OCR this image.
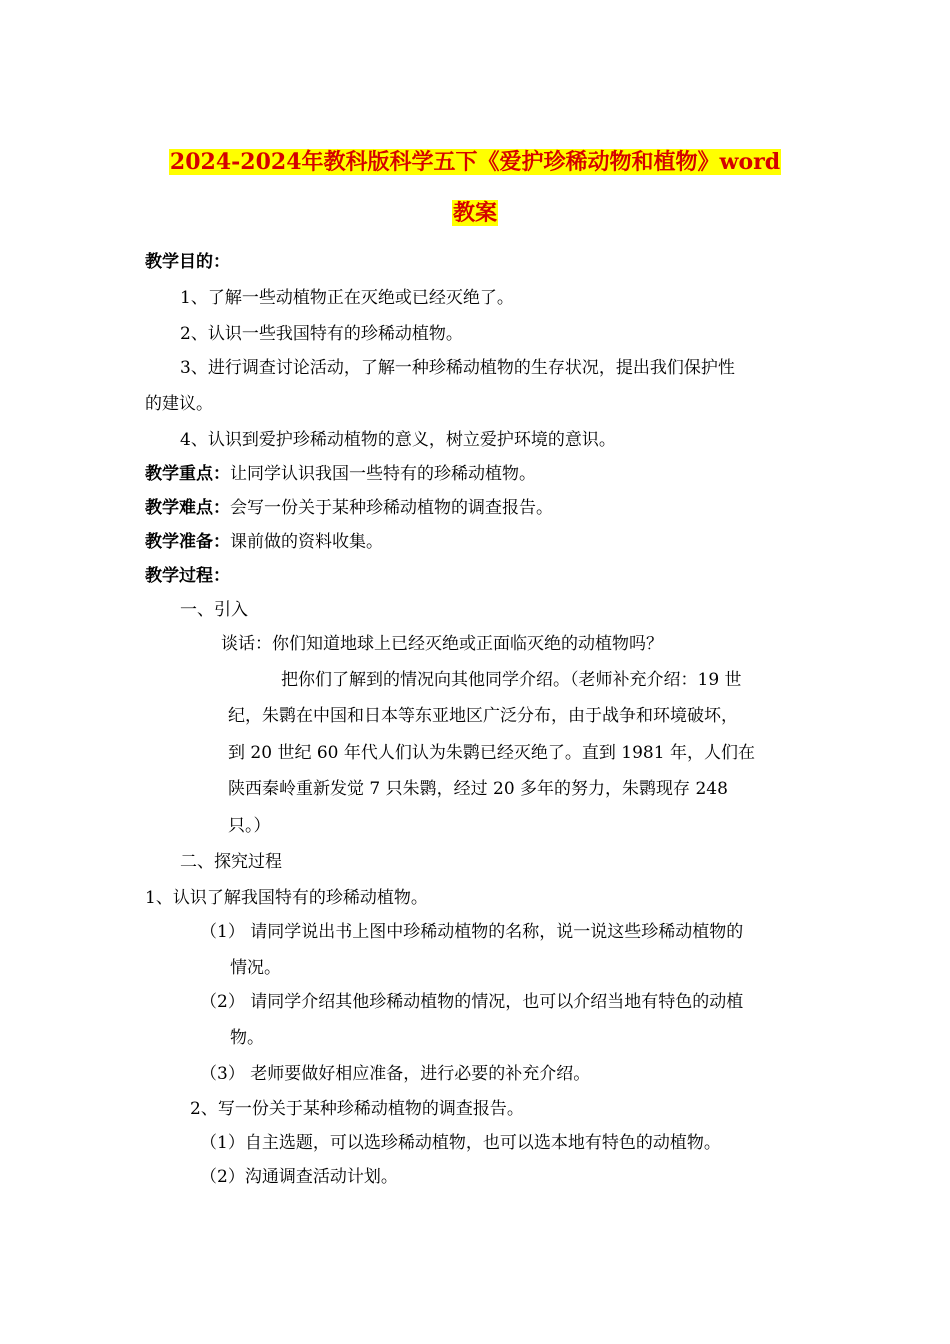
2024-2024年教科版科学五下《爱护珍稀动物和植物》word
教案
教学目的：
1、了解一些动植物正在灭绝或已经灭绝了。
2、认识一些我国特有的珍稀动植物。
3、进行调查讨论活动，了解一种珍稀动植物的生存状况，提出我们保护性
的建议。
4、认识到爱护珍稀动植物的意义，树立爱护环境的意识。
教学重点：让同学认识我国一些特有的珍稀动植物。
教学难点：会写一份关于某种珍稀动植物的调查报告。
教学准备：课前做的资料收集。
教学过程：
一、引入
谈话：你们知道地球上已经灭绝或正面临灭绝的动植物吗？
把你们了解到的情况向其他同学介绍。（老师补充介绍：19 世
纪，朱鹮在中国和日本等东亚地区广泛分布，由于战争和环境破坏，
到 20 世纪 60 年代人们认为朱鹮已经灭绝了。直到 1981 年，人们在
陕西秦岭重新发觉 7 只朱鹮，经过 20 多年的努力，朱鹮现存 248
只。）
二、探究过程
1、认识了解我国特有的珍稀动植物。
（1） 请同学说出书上图中珍稀动植物的名称，说一说这些珍稀动植物的
情况。
（2） 请同学介绍其他珍稀动植物的情况，也可以介绍当地有特色的动植
物。
（3） 老师要做好相应准备，进行必要的补充介绍。
2、写一份关于某种珍稀动植物的调查报告。
（1）自主选题，可以选珍稀动植物，也可以选本地有特色的动植物。
（2）沟通调查活动计划。
